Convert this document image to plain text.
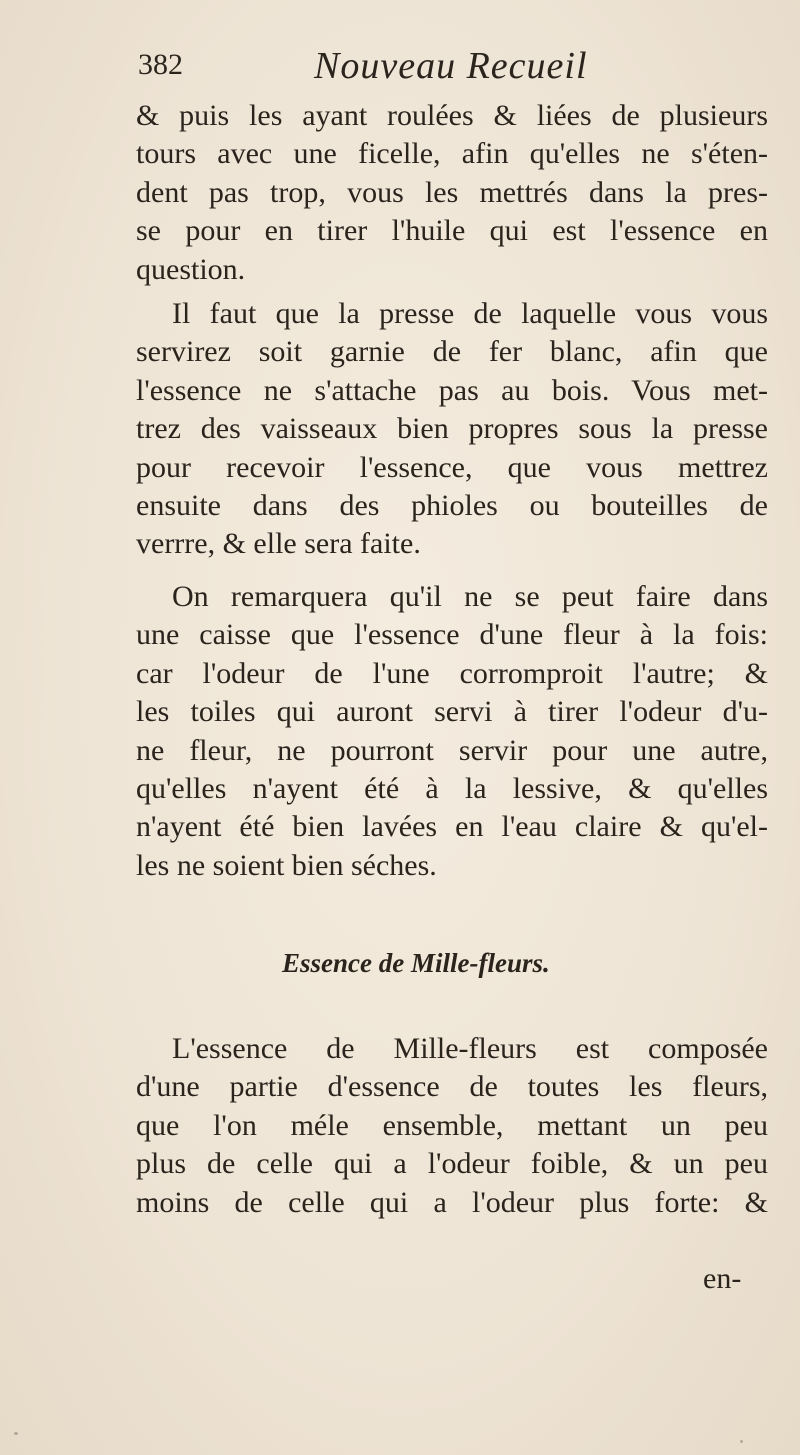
382	Nouveau Recueil
& puis les ayant roulées & liées de plusieurs
tours avec une ficelle, afin qu'elles ne s'éten-
dent pas trop, vous les mettrés dans la pres-
se pour en tirer l'huile qui est l'essence en
question.
Il faut que la presse de laquelle vous vous
servirez soit garnie de fer blanc, afin que
l'essence ne s'attache pas au bois. Vous met-
trez des vaisseaux bien propres sous la presse
pour recevoir l'essence, que vous mettrez
ensuite dans des phioles ou bouteilles de
verrre, & elle sera faite.
On remarquera qu'il ne se peut faire dans
une caisse que l'essence d'une fleur à la fois:
car l'odeur de l'une corromproit l'autre; &
les toiles qui auront servi à tirer l'odeur d'u-
ne fleur, ne pourront servir pour une autre,
qu'elles n'ayent été à la lessive, & qu'elles
n'ayent été bien lavées en l'eau claire & qu'el-
les ne soient bien séches.
Essence de Mille-fleurs.
L'essence de Mille-fleurs est composée
d'une partie d'essence de toutes les fleurs,
que l'on méle ensemble, mettant un peu
plus de celle qui a l'odeur foible, & un peu
moins de celle qui a l'odeur plus forte: &
en-
